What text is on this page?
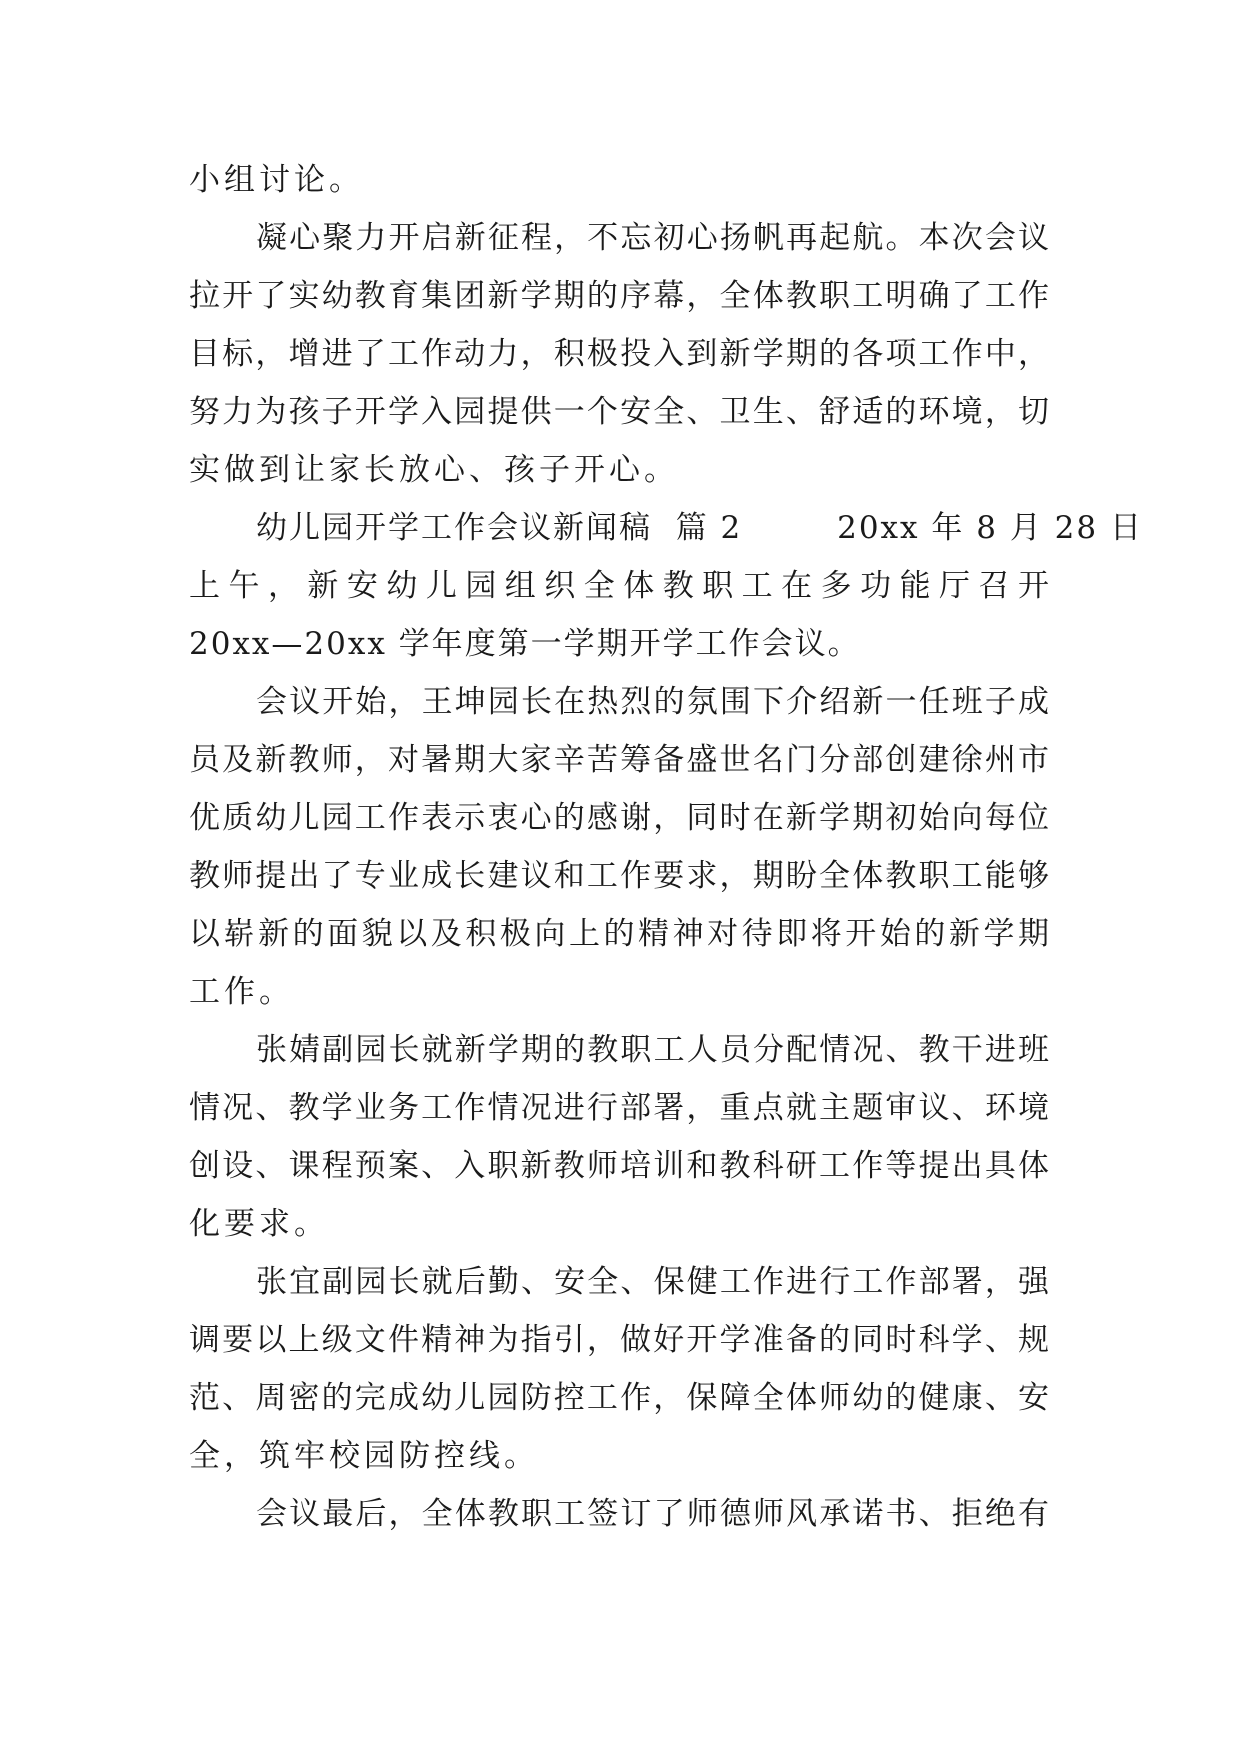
小组讨论。
凝心聚力开启新征程，不忘初心扬帆再起航。本次会议
拉开了实幼教育集团新学期的序幕，全体教职工明确了工作
目标，增进了工作动力，积极投入到新学期的各项工作中，
努力为孩子开学入园提供一个安全、卫生、舒适的环境，切
实做到让家长放心、孩子开心。
幼儿园开学工作会议新闻稿  篇 2        20xx 年 8 月 28 日
上午，新安幼儿园组织全体教职工在多功能厅召开
20xx—20xx 学年度第一学期开学工作会议。
会议开始，王坤园长在热烈的氛围下介绍新一任班子成
员及新教师，对暑期大家辛苦筹备盛世名门分部创建徐州市
优质幼儿园工作表示衷心的感谢，同时在新学期初始向每位
教师提出了专业成长建议和工作要求，期盼全体教职工能够
以崭新的面貌以及积极向上的精神对待即将开始的新学期
工作。
张婧副园长就新学期的教职工人员分配情况、教干进班
情况、教学业务工作情况进行部署，重点就主题审议、环境
创设、课程预案、入职新教师培训和教科研工作等提出具体
化要求。
张宜副园长就后勤、安全、保健工作进行工作部署，强
调要以上级文件精神为指引，做好开学准备的同时科学、规
范、周密的完成幼儿园防控工作，保障全体师幼的健康、安
全，筑牢校园防控线。
会议最后，全体教职工签订了师德师风承诺书、拒绝有
